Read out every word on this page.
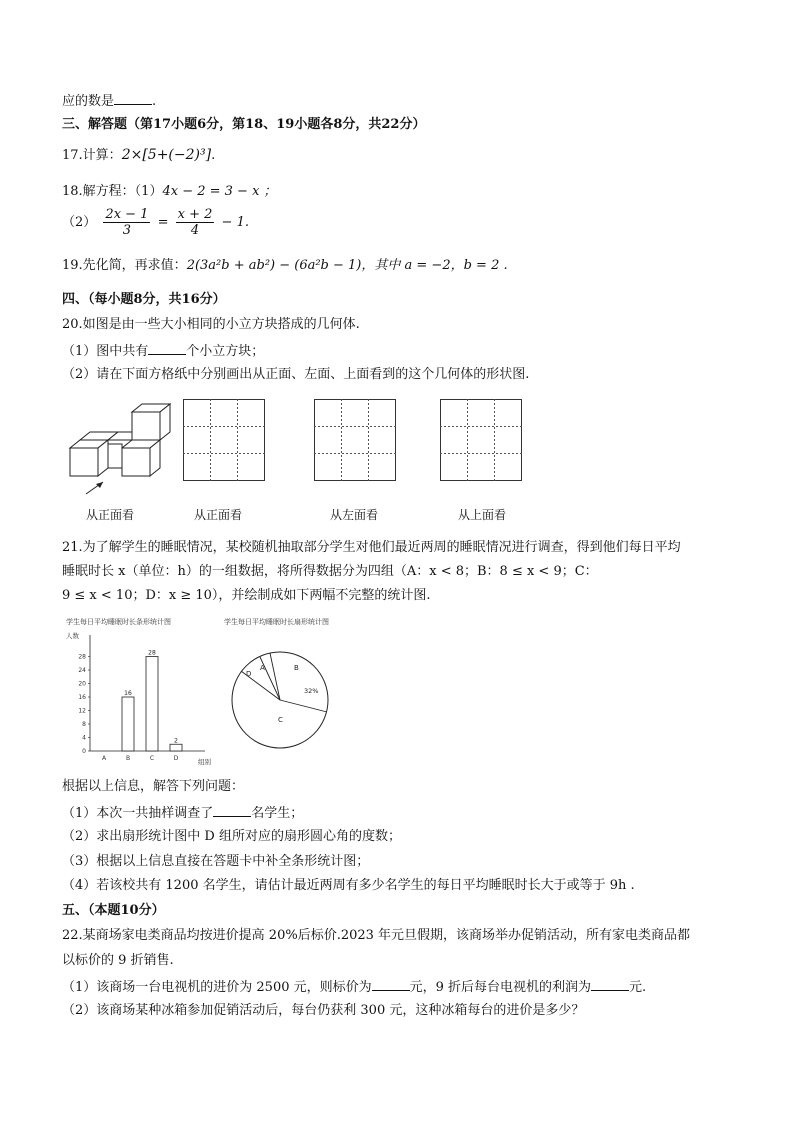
应的数是	.
三、解答题（第17小题6分，第18、19小题各8分，共22分）
17.计算：2×[5+(−2)³].
18.解方程：（1）4x − 2 = 3 − x ；
$(2) \frac{2x - 1}{3} = \frac{x + 2}{4} - 1$.
19.先化简，再求值：2(3a²b + ab²) − (6a²b − 1)，其中 a = −2，b = 2 .
四、（每小题8分，共16分）
20.如图是由一些大小相同的小立方块搭成的几何体.
（1）图中共有	个小立方块；
（2）请在下面方格纸中分别画出从正面、左面、上面看到的这个几何体的形状图.
从正面看	从正面看	从左面看	从上面看
21.为了解学生的睡眠情况，某校随机抽取部分学生对他们最近两周的睡眠情况进行调查，得到他们每日平均
睡眠时长 x（单位：h）的一组数据，将所得数据分为四组（A：x < 8；B：8 ≤ x < 9；C：
9 ≤ x < 10；D：x ≥ 10），并绘制成如下两幅不完整的统计图.
学生每日平均睡眠时长条形统计图
人数
组别
0
4
8
12
16
20
24
28
A
16
B
28
C
2
D
学生每日平均睡眠时长扇形统计图
A	B
C
D
32%
根据以上信息，解答下列问题：
（1）本次一共抽样调查了	名学生；
（2）求出扇形统计图中 D 组所对应的扇形圆心角的度数；
（3）根据以上信息直接在答题卡中补全条形统计图；
（4）若该校共有 1200 名学生，请估计最近两周有多少名学生的每日平均睡眠时长大于或等于 9h .
五、（本题10分）
22.某商场家电类商品均按进价提高 20%后标价.2023 年元旦假期，该商场举办促销活动，所有家电类商品都
以标价的 9 折销售.
（1）该商场一台电视机的进价为 2500 元，则标价为	元，9 折后每台电视机的利润为	元.
（2）该商场某种冰箱参加促销活动后，每台仍获利 300 元，这种冰箱每台的进价是多少？
